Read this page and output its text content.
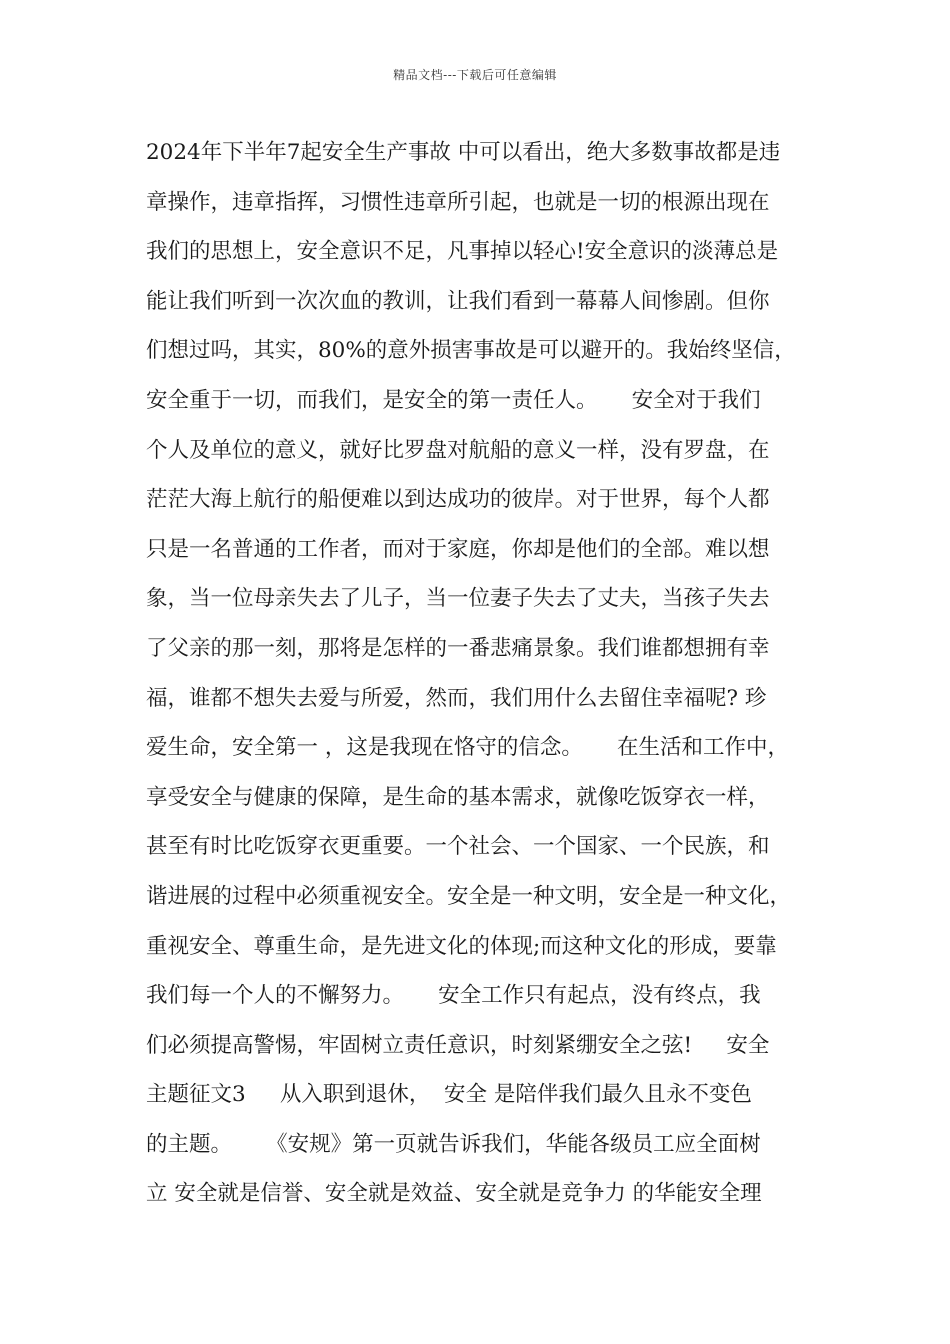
精品文档---下载后可任意编辑
2024年下半年7起安全生产事故 中可以看出，绝大多数事故都是违
章操作，违章指挥，习惯性违章所引起，也就是一切的根源出现在
我们的思想上，安全意识不足，凡事掉以轻心!安全意识的淡薄总是
能让我们听到一次次血的教训，让我们看到一幕幕人间惨剧。但你
们想过吗，其实，80%的意外损害事故是可以避开的。我始终坚信，
安全重于一切，而我们，是安全的第一责任人。     安全对于我们
个人及单位的意义，就好比罗盘对航船的意义一样，没有罗盘，在
茫茫大海上航行的船便难以到达成功的彼岸。对于世界，每个人都
只是一名普通的工作者，而对于家庭，你却是他们的全部。难以想
象，当一位母亲失去了儿子，当一位妻子失去了丈夫，当孩子失去
了父亲的那一刻，那将是怎样的一番悲痛景象。我们谁都想拥有幸
福，谁都不想失去爱与所爱，然而，我们用什么去留住幸福呢? 珍
爱生命，安全第一 ，这是我现在恪守的信念。     在生活和工作中，
享受安全与健康的保障，是生命的基本需求，就像吃饭穿衣一样，
甚至有时比吃饭穿衣更重要。一个社会、一个国家、一个民族，和
谐进展的过程中必须重视安全。安全是一种文明，安全是一种文化，
重视安全、尊重生命，是先进文化的体现;而这种文化的形成，要靠
我们每一个人的不懈努力。     安全工作只有起点，没有终点，我
们必须提高警惕，牢固树立责任意识，时刻紧绷安全之弦!     安全
主题征文3     从入职到退休，  安全 是陪伴我们最久且永不变色
的主题。     《安规》第一页就告诉我们，华能各级员工应全面树
立 安全就是信誉、安全就是效益、安全就是竞争力 的华能安全理
